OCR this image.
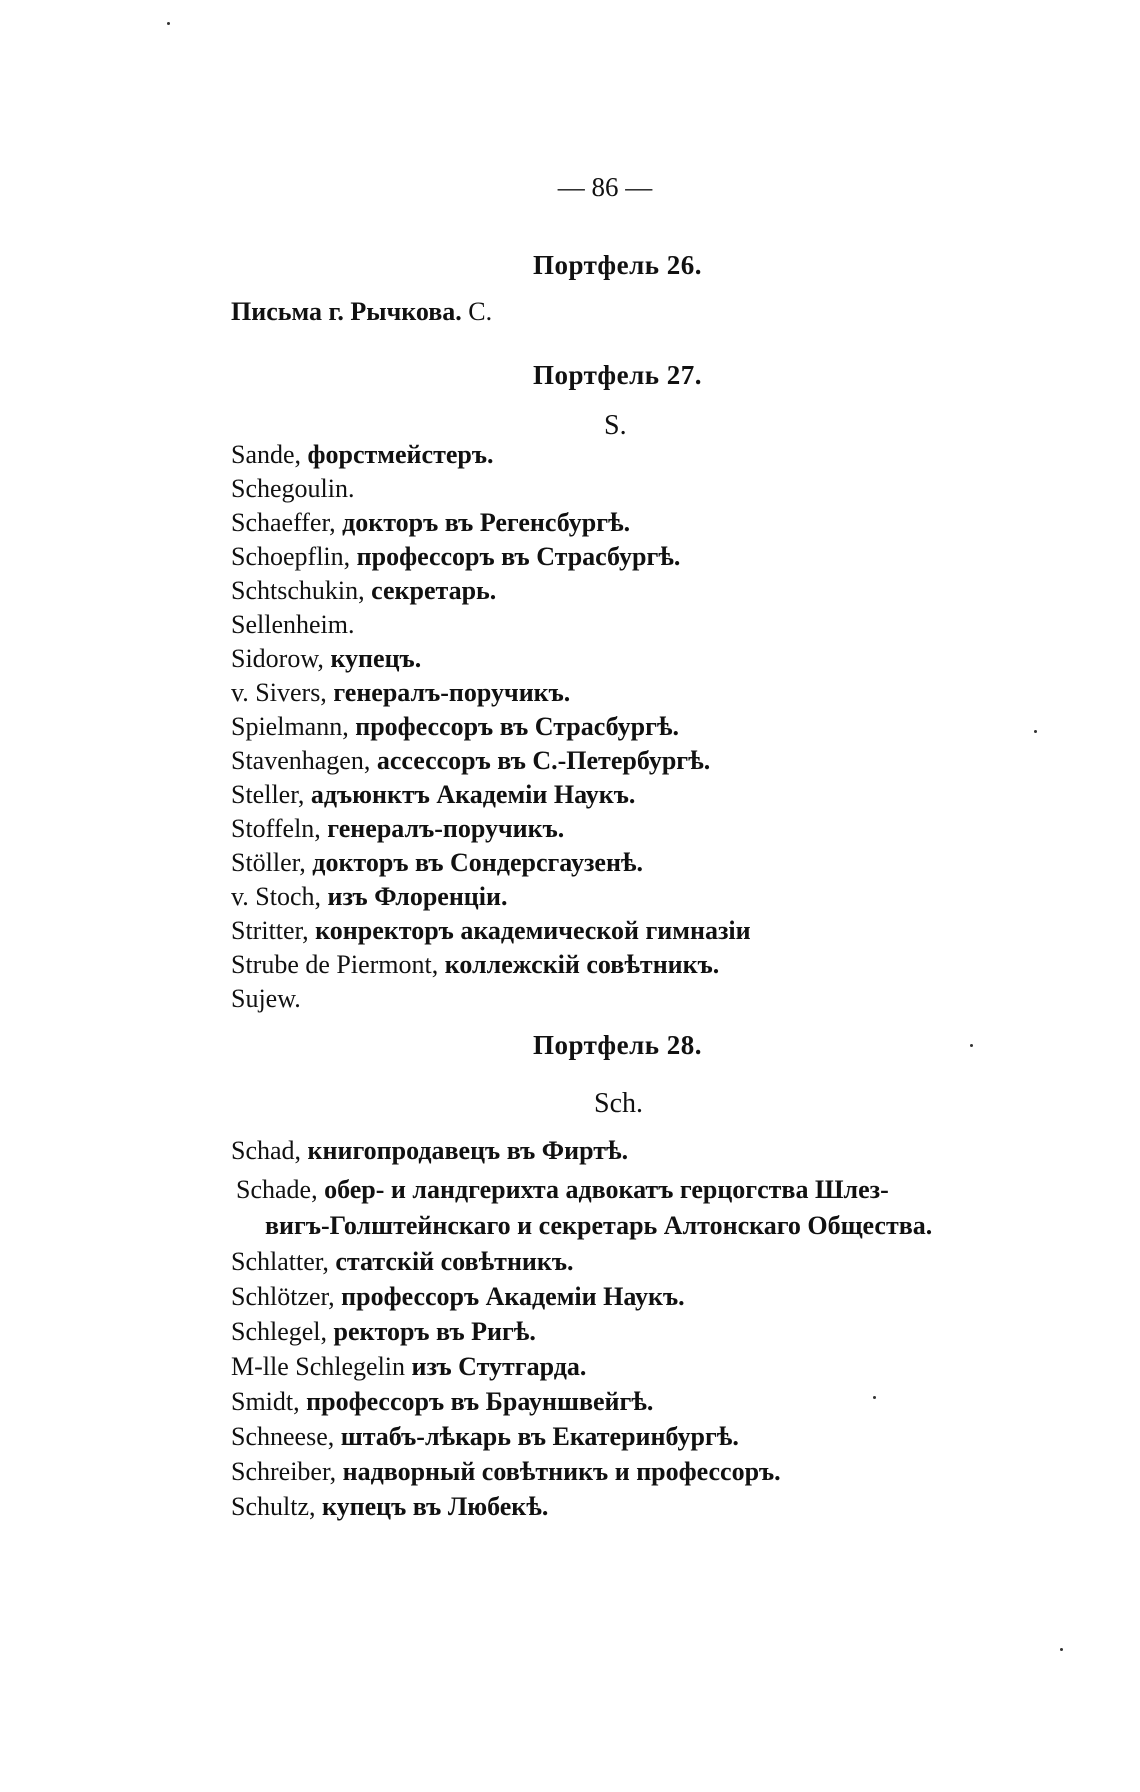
— 86 —
Портфель 26.
Письма г. Рычкова. C.
Портфель 27.
S.
Sande, форстмейстеръ.
Schegoulin.
Schaeffer, докторъ въ Регенсбургѣ.
Schoepflin, профессоръ въ Страсбургѣ.
Schtschukin, секретарь.
Sellenheim.
Sidorow, купецъ.
v. Sivers, генералъ-поручикъ.
Spielmann, профессоръ въ Страсбургѣ.
Stavenhagen, ассессоръ въ С.-Петербургѣ.
Steller, адъюнктъ Академіи Наукъ.
Stoffeln, генералъ-поручикъ.
Stöller, докторъ въ Сондерсгаузенѣ.
v. Stoch, изъ Флоренціи.
Stritter, конректоръ академической гимназіи
Strube de Piermont, коллежскій совѣтникъ.
Sujew.
Портфель 28.
Sch.
Schad, книгопродавецъ въ Фиртѣ.
Schade, обер- и ландгерихта адвокатъ герцогства Шлез-
вигъ-Голштейнскаго и секретарь Алтонскаго Общества.
Schlatter, статскій совѣтникъ.
Schlötzer, профессоръ Академіи Наукъ.
Schlegel, ректоръ въ Ригѣ.
M-lle Schlegelin изъ Стутгарда.
Smidt, профессоръ въ Брауншвейгѣ.
Schneese, штабъ-лѣкарь въ Екатеринбургѣ.
Schreiber, надворный совѣтникъ и профессоръ.
Schultz, купецъ въ Любекѣ.
